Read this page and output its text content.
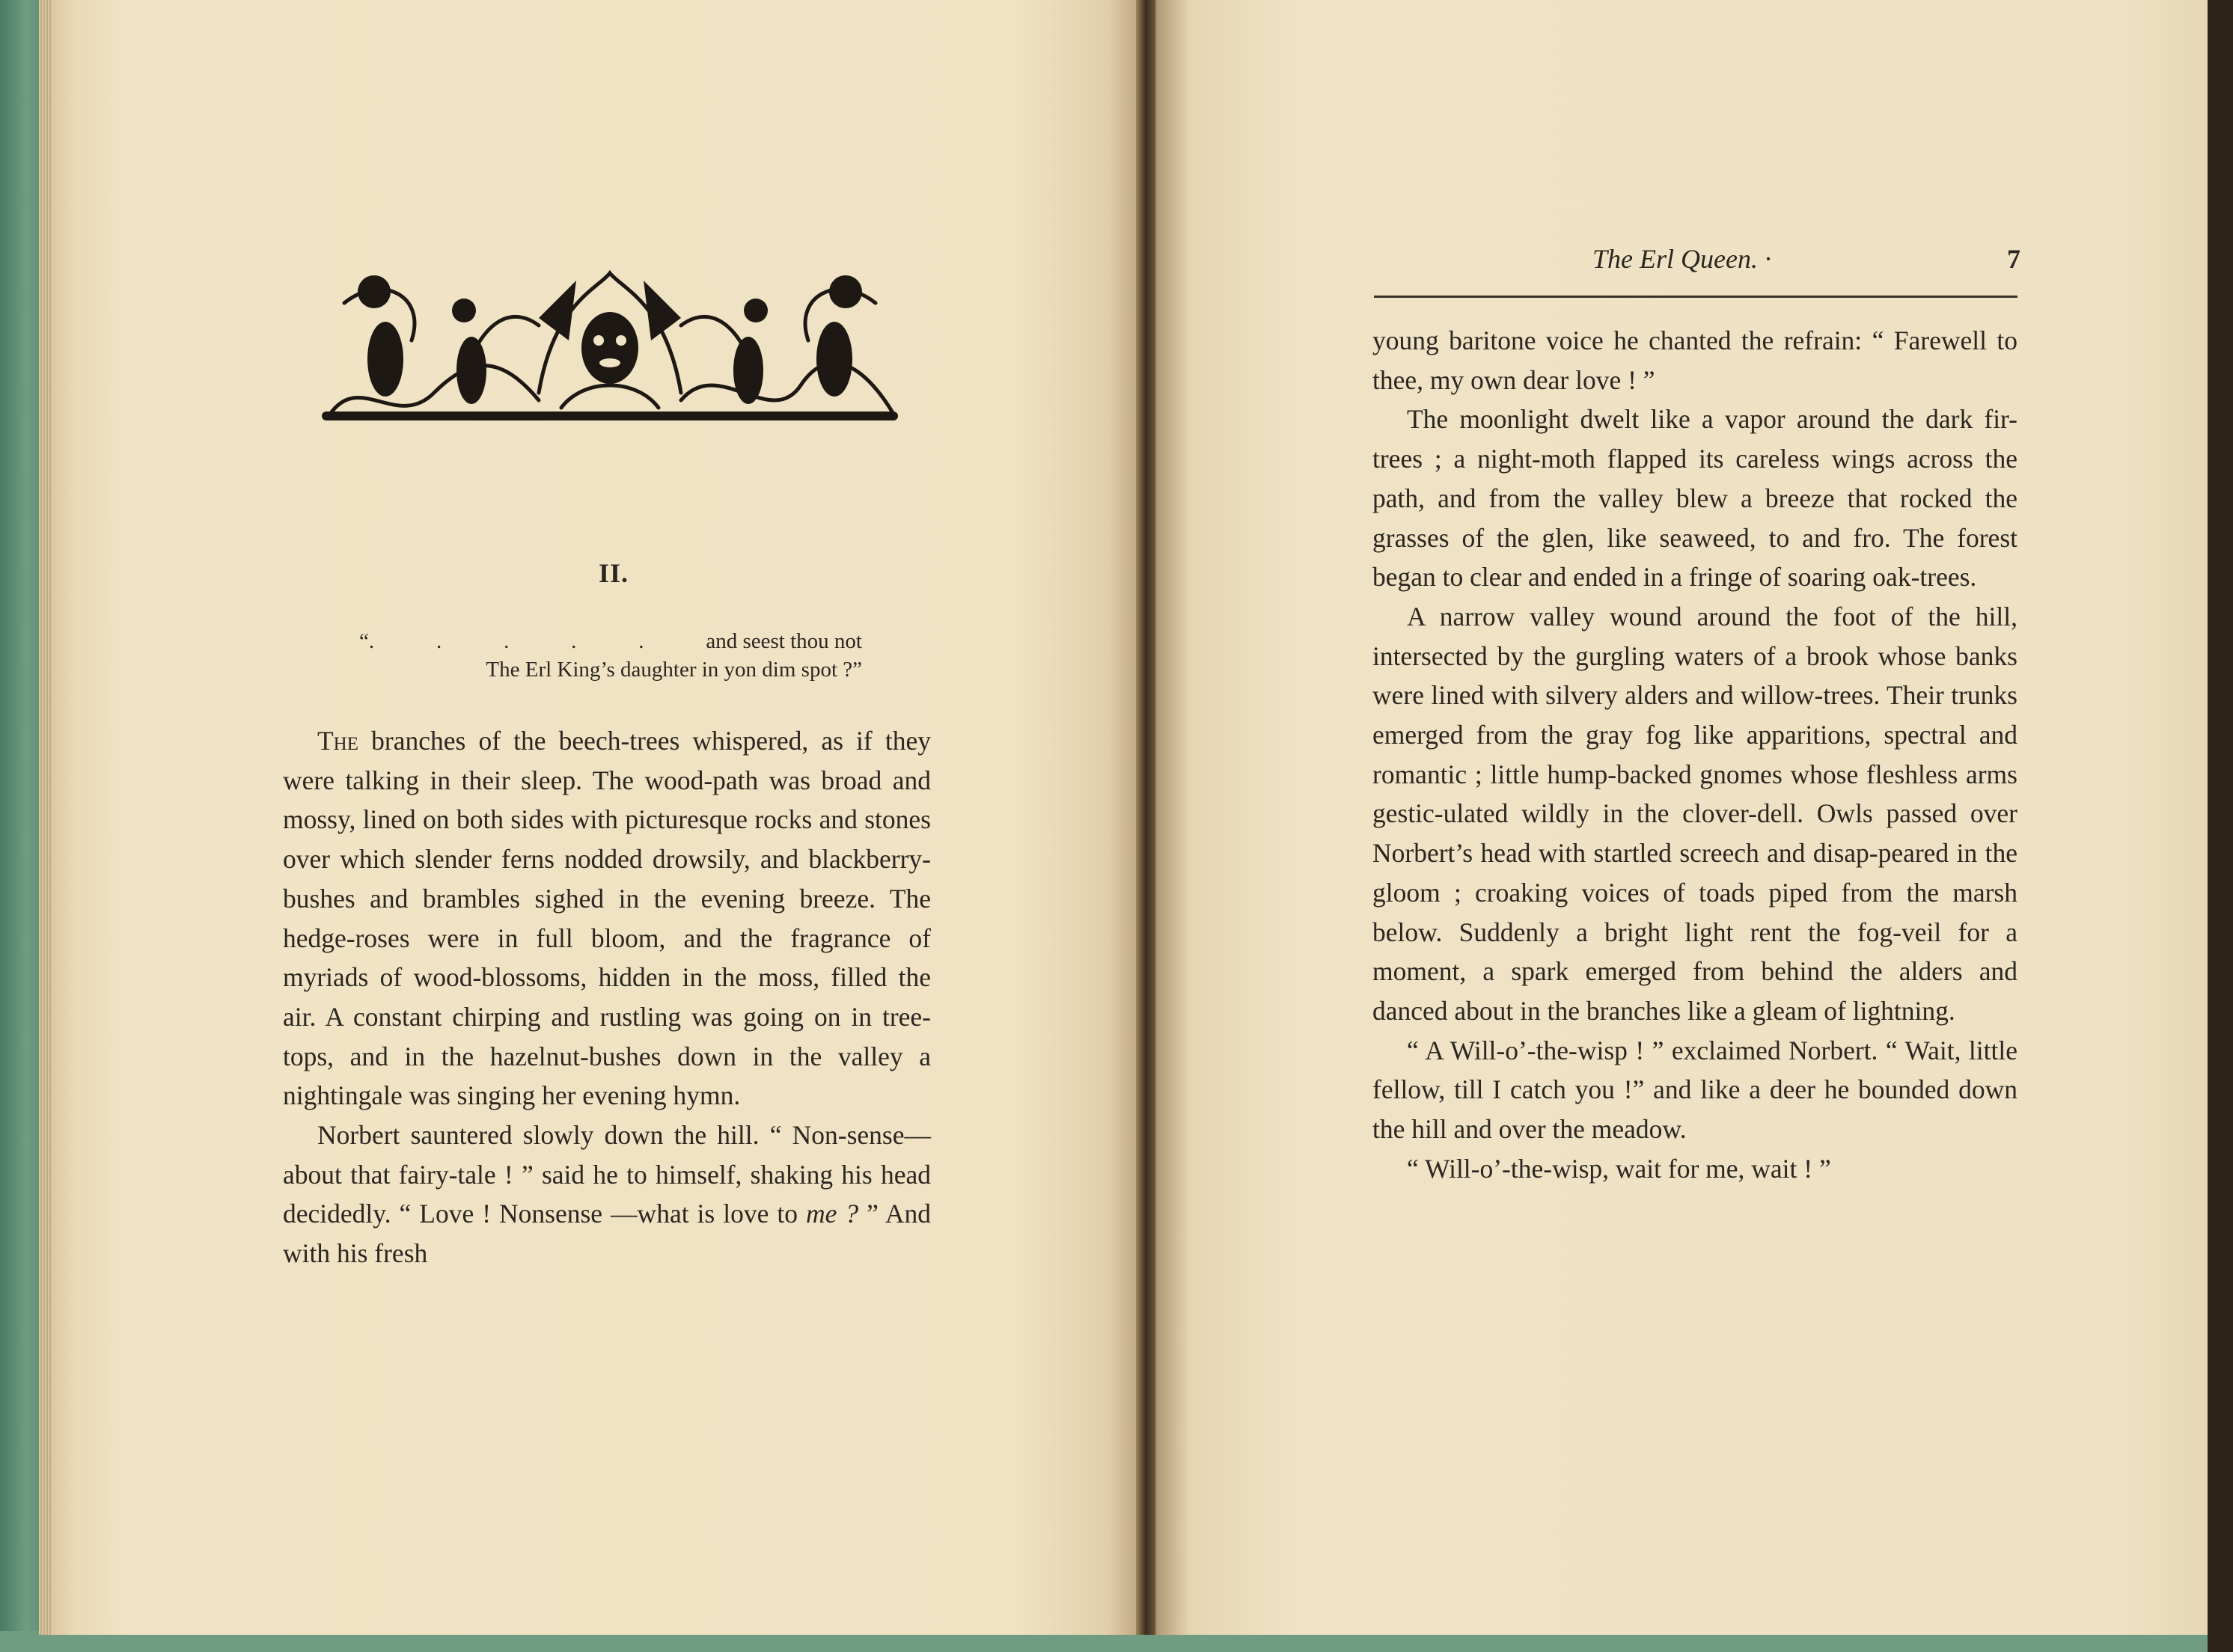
II.
“.	.	.	.	.	and seest thou not
The Erl King’s daughter in yon dim spot ?”

The branches of the beech-trees whispered, as if they were talking in their sleep. The wood-path was broad and mossy, lined on both sides with picturesque rocks and stones over which slender ferns nodded drowsily, and blackberry-bushes and brambles sighed in the evening breeze. The hedge-roses were in full bloom, and the fragrance of myriads of wood-blossoms, hidden in the moss, filled the air. A constant chirping and rustling was going on in tree-tops, and in the hazelnut-bushes down in the valley a nightingale was singing her evening hymn.

Norbert sauntered slowly down the hill. “ Non-sense—about that fairy-tale ! ” said he to himself, shaking his head decidedly. “ Love ! Nonsense —what is love to me ? ” And with his fresh

The Erl Queen. ·	7

young baritone voice he chanted the refrain: “ Farewell to thee, my own dear love ! ”

The moonlight dwelt like a vapor around the dark fir-trees ; a night-moth flapped its careless wings across the path, and from the valley blew a breeze that rocked the grasses of the glen, like seaweed, to and fro. The forest began to clear and ended in a fringe of soaring oak-trees.

A narrow valley wound around the foot of the hill, intersected by the gurgling waters of a brook whose banks were lined with silvery alders and willow-trees. Their trunks emerged from the gray fog like apparitions, spectral and romantic ; little hump-backed gnomes whose fleshless arms gestic-ulated wildly in the clover-dell. Owls passed over Norbert’s head with startled screech and disap-peared in the gloom ; croaking voices of toads piped from the marsh below. Suddenly a bright light rent the fog-veil for a moment, a spark emerged from behind the alders and danced about in the branches like a gleam of lightning.

“ A Will-o’-the-wisp ! ” exclaimed Norbert. “ Wait, little fellow, till I catch you !” and like a deer he bounded down the hill and over the meadow.

“ Will-o’-the-wisp, wait for me, wait ! ”
